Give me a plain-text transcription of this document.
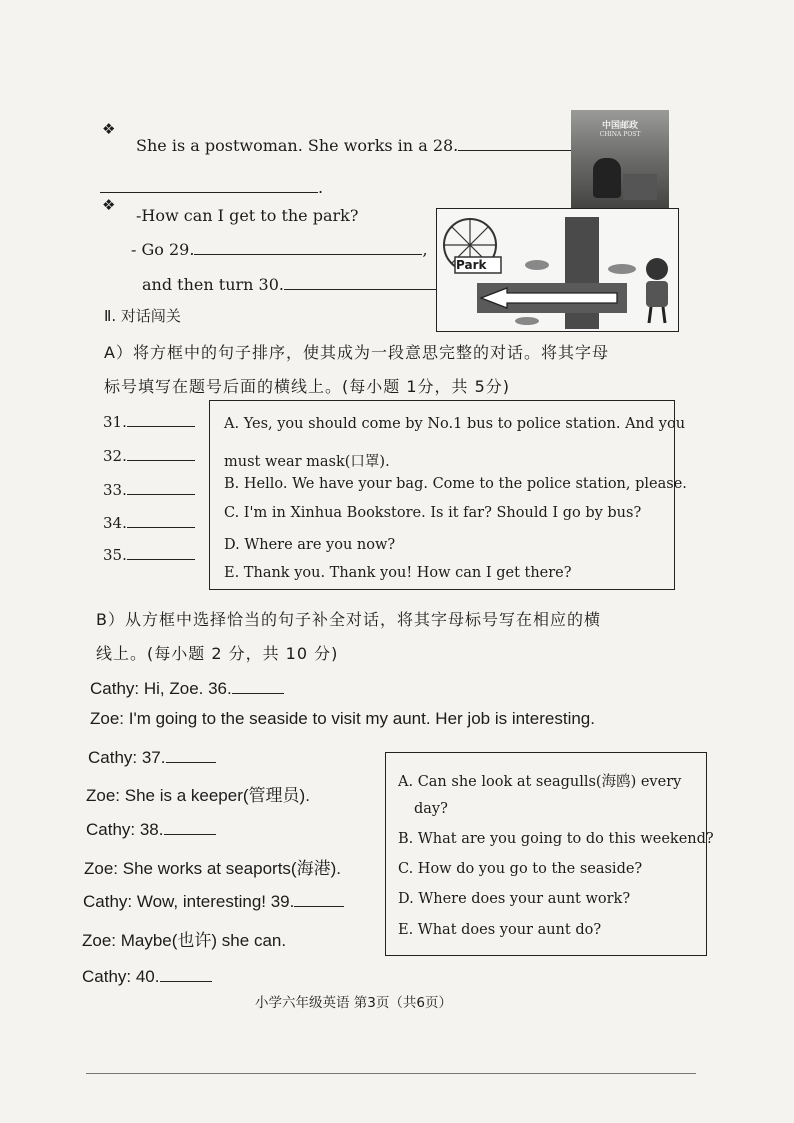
❖
She is a postwoman. She works in a 28.
.
中国邮政
CHINA POST
❖
-How can I get to the park?
- Go 29.	,
and then turn 30.
Park
Ⅱ. 对话闯关
A）将方框中的句子排序，使其成为一段意思完整的对话。将其字母
标号填写在题号后面的横线上。(每小题 1分，共 5分)
31.
32.
33.
34.
35.
A. Yes, you should come by No.1 bus to police station. And you
must wear mask(口罩).
B. Hello. We have your bag. Come to the police station, please.
C. I'm in Xinhua Bookstore. Is it far? Should I go by bus?
D. Where are you now?
E. Thank you. Thank you! How can I get there?
B）从方框中选择恰当的句子补全对话，将其字母标号写在相应的横
线上。(每小题 2 分，共 10 分)
Cathy: Hi, Zoe. 36.
Zoe: I'm going to the seaside to visit my aunt. Her job is interesting.
Cathy: 37.
Zoe: She is a keeper(管理员).
Cathy: 38.
Zoe: She works at seaports(海港).
Cathy: Wow, interesting! 39.
Zoe: Maybe(也许) she can.
Cathy: 40.
A. Can she look at seagulls(海鸥) every
day?
B. What are you going to do this weekend?
C. How do you go to the seaside?
D. Where does your aunt work?
E. What does your aunt do?
小学六年级英语 第3页（共6页）
